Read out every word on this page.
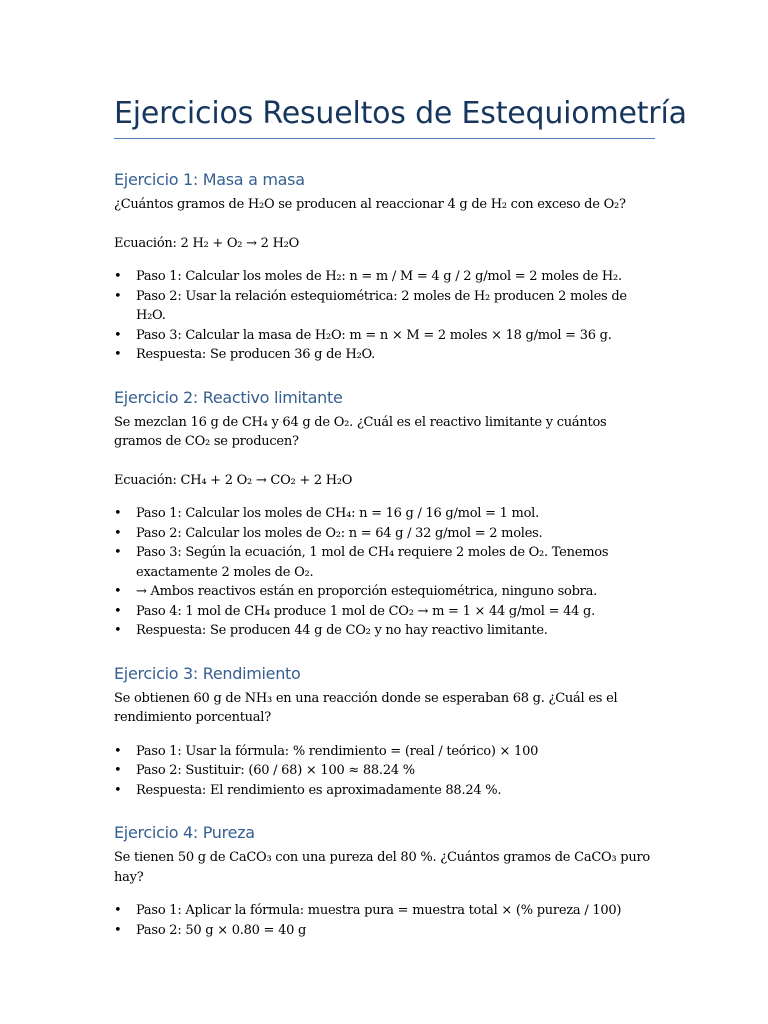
Ejercicios Resueltos de Estequiometría
Ejercicio 1: Masa a masa

¿Cuántos gramos de H₂O se producen al reaccionar 4 g de H₂ con exceso de O₂?

Ecuación: 2 H₂ + O₂ → 2 H₂O

• Paso 1: Calcular los moles de H₂: n = m / M = 4 g / 2 g/mol = 2 moles de H₂.
• Paso 2: Usar la relación estequiométrica: 2 moles de H₂ producen 2 moles de H₂O.
• Paso 3: Calcular la masa de H₂O: m = n × M = 2 moles × 18 g/mol = 36 g.
• Respuesta: Se producen 36 g de H₂O.
Ejercicio 2: Reactivo limitante

Se mezclan 16 g de CH₄ y 64 g de O₂. ¿Cuál es el reactivo limitante y cuántos gramos de CO₂ se producen?

Ecuación: CH₄ + 2 O₂ → CO₂ + 2 H₂O

• Paso 1: Calcular los moles de CH₄: n = 16 g / 16 g/mol = 1 mol.
• Paso 2: Calcular los moles de O₂: n = 64 g / 32 g/mol = 2 moles.
• Paso 3: Según la ecuación, 1 mol de CH₄ requiere 2 moles de O₂. Tenemos exactamente 2 moles de O₂.
• → Ambos reactivos están en proporción estequiométrica, ninguno sobra.
• Paso 4: 1 mol de CH₄ produce 1 mol de CO₂ → m = 1 × 44 g/mol = 44 g.
• Respuesta: Se producen 44 g de CO₂ y no hay reactivo limitante.
Ejercicio 3: Rendimiento

Se obtienen 60 g de NH₃ en una reacción donde se esperaban 68 g. ¿Cuál es el rendimiento porcentual?

• Paso 1: Usar la fórmula: % rendimiento = (real / teórico) × 100
• Paso 2: Sustituir: (60 / 68) × 100 ≈ 88.24 %
• Respuesta: El rendimiento es aproximadamente 88.24 %.
Ejercicio 4: Pureza

Se tienen 50 g de CaCO₃ con una pureza del 80 %. ¿Cuántos gramos de CaCO₃ puro hay?

• Paso 1: Aplicar la fórmula: muestra pura = muestra total × (% pureza / 100)
• Paso 2: 50 g × 0.80 = 40 g
